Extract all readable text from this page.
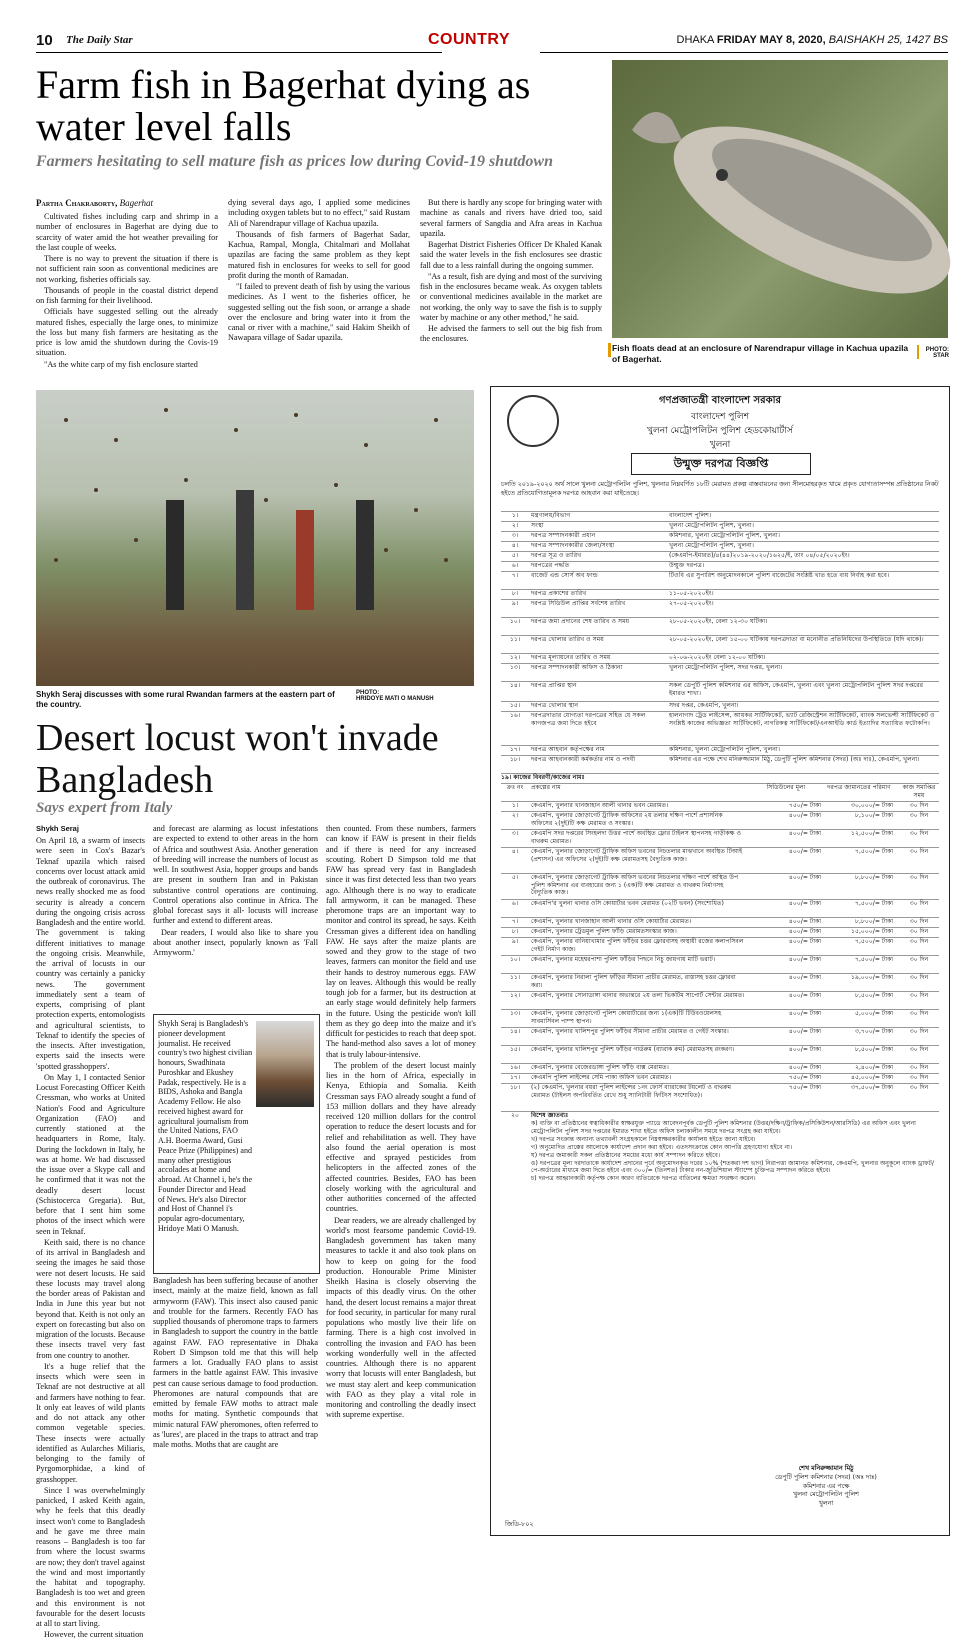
10 The Daily Star	COUNTRY	DHAKA FRIDAY MAY 8, 2020, BAISHAKH 25, 1427 BS
Farm fish in Bagerhat dying as water level falls
Farmers hesitating to sell mature fish as prices low during Covid-19 shutdown
Partha Chakraborty, Bagerhat

Cultivated fishes including carp and shrimp in a number of enclosures in Bagerhat are dying due to scarcity of water amid the hot weather prevailing for the last couple of weeks.

There is no way to prevent the situation if there is not sufficient rain soon as conventional medicines are not working, fisheries officials say.

Thousands of people in the coastal district depend on fish farming for their livelihood.

Officials have suggested selling out the already matured fishes, especially the large ones, to minimize the loss but many fish farmers are hesitating as the price is low amid the shutdown during the Covis-19 situation.

"As the white carp of my fish enclosure started

dying several days ago, I applied some medicines including oxygen tablets but to no effect," said Rustam Ali of Narendrapur village of Kachua upazila.

Thousands of fish farmers of Bagerhat Sadar, Kachua, Rampal, Mongla, Chitalmari and Mollahat upazilas are facing the same problem as they kept matured fish in enclosures for weeks to sell for good profit during the month of Ramadan.

"I failed to prevent death of fish by using the various medicines. As I went to the fisheries officer, he suggested selling out the fish soon, or arrange a shade over the enclosure and bring water into it from the canal or river with a machine," said Hakim Sheikh of Nawapara village of Sadar upazila.

But there is hardly any scope for bringing water with machine as canals and rivers have dried too, said several farmers of Sangdia and Afra areas in Kachua upazila.

Bagerhat District Fisheries Officer Dr Khaled Kanak said the water levels in the fish enclosures see drastic fall due to a less rainfall during the ongoing summer.

"As a result, fish are dying and most of the surviving fish in the enclosures became weak. As oxygen tablets or conventional medicines available in the market are not working, the only way to save the fish is to supply water by machine or any other method," he said.

He advised the farmers to sell out the big fish from the enclosures.

Fish floats dead at an enclosure of Narendrapur village in Kachua upazila of Bagerhat.
PHOTO:
STAR
Shykh Seraj discusses with some rural Rwandan farmers at the eastern part of the country.
PHOTO:
HRIDOYE MATI O MANUSH
Desert locust won't invade Bangladesh
Says expert from Italy
Shykh Seraj

On April 18, a swarm of insects were seen in Cox's Bazar's Teknaf upazila which raised concerns over locust attack amid the outbreak of coronavirus. The news really shocked me as food security is already a concern during the ongoing crisis across Bangladesh and the entire world. The government is taking different initiatives to manage the ongoing crisis. Meanwhile, the arrival of locusts in our country was certainly a panicky news. The government immediately sent a team of experts, comprising of plant protection experts, entomologists and agricultural scientists, to Teknaf to identify the species of the insects. After investigation, experts said the insects were 'spotted grasshoppers'.

On May 1, I contacted Senior Locust Forecasting Officer Keith Cressman, who works at United Nation's Food and Agriculture Organization (FAO) and currently stationed at the headquarters in Rome, Italy. During the lockdown in Italy, he was at home. We had discussed the issue over a Skype call and he confirmed that it was not the deadly desert locust (Schistocerca Gregaria). But, before that I sent him some photos of the insect which were seen in Teknaf.

Keith said, there is no chance of its arrival in Bangladesh and seeing the images he said those were not desert locusts. He said these locusts may travel along the border areas of Pakistan and India in June this year but not beyond that. Keith is not only an expert on forecasting but also on migration of the locusts. Because these insects travel very fast from one country to another.

It's a huge relief that the insects which were seen in Teknaf are not destructive at all and farmers have nothing to fear. It only eat leaves of wild plants and do not attack any other common vegetable species. These insects were actually identified as Aularches Miliaris, belonging to the family of Pyrgomorphidae, a kind of grasshopper.

Since I was overwhelmingly panicked, I asked Keith again, why he feels that this deadly insect won't come to Bangladesh and he gave me three main reasons – Bangladesh is too far from where the locust swarms are now; they don't travel against the wind and most importantly the habitat and topography. Bangladesh is too wet and green and this environment is not favourable for the desert locusts at all to start living.

However, the current situation

and forecast are alarming as locust infestations are expected to extend to other areas in the horn of Africa and southwest Asia. Another generation of breeding will increase the numbers of locust as well. In southwest Asia, hopper groups and bands are present in southern Iran and in Pakistan substantive control operations are continuing. Control operations also continue in Africa. The global forecast says it all- locusts will increase further and extend to different areas.

Dear readers, I would also like to share you about another insect, popularly known as 'Fall Armyworm.'

Shykh Seraj is Bangladesh's pioneer development journalist. He received country's two highest civilian honours, Swadhinata Puroshkar and Ekushey Padak, respectively. He is a BIDS, Ashoka and Bangla Academy Fellow. He also received highest award for agricultural journalism from the United Nations, FAO A.H. Boerma Award, Gusi Peace Prize (Philippines) and many other prestigious accolades at home and abroad. At Channel i, he's the Founder Director and Head of News. He's also Director and Host of Channel i's popular agro-documentary, Hridoye Mati O Manush.

Bangladesh has been suffering because of another insect, mainly at the maize field, known as fall armyworm (FAW). This insect also caused panic and trouble for the farmers. Recently FAO has supplied thousands of pheromone traps to farmers in Bangladesh to support the country in the battle against FAW. FAO representative in Dhaka Robert D Simpson told me that this will help farmers a lot. Gradually FAO plans to assist farmers in the battle against FAW. This invasive pest can cause serious damage to food production. Pheromones are natural compounds that are emitted by female FAW moths to attract male moths for mating. Synthetic compounds that mimic natural FAW pheromones, often referred to as 'lures', are placed in the traps to attract and trap male moths. Moths that are caught are

then counted. From these numbers, farmers can know if FAW is present in their fields and if there is need for any increased scouting. Robert D Simpson told me that FAW has spread very fast in Bangladesh since it was first detected less than two years ago. Although there is no way to eradicate fall armyworm, it can be managed. These pheromone traps are an important way to monitor and control its spread, he says. Keith Cressman gives a different idea on handling FAW. He says after the maize plants are sowed and they grow to the stage of two leaves, farmers can monitor the field and use their hands to destroy numerous eggs. FAW lay on leaves. Although this would be really tough job for a farmer, but its destruction at an early stage would definitely help farmers in the future. Using the pesticide won't kill them as they go deep into the maize and it's difficult for pesticides to reach that deep spot. The hand-method also saves a lot of money that is truly labour-intensive.

The problem of the desert locust mainly lies in the horn of Africa, especially in Kenya, Ethiopia and Somalia. Keith Cressman says FAO already sought a fund of 153 million dollars and they have already received 120 million dollars for the control operation to reduce the desert locusts and for relief and rehabilitation as well. They have also found the aerial operation is most effective and sprayed pesticides from helicopters in the affected zones of the affected countries. Besides, FAO has been closely working with the agricultural and other authorities concerned of the affected countries.

Dear readers, we are already challenged by world's most fearsome pandemic Covid-19. Bangladesh government has taken many measures to tackle it and also took plans on how to keep on going for the food production. Honourable Prime Minister Sheikh Hasina is closely observing the impacts of this deadly virus. On the other hand, the desert locust remains a major threat for food security, in particular for many rural populations who mostly live their life on farming. There is a high cost involved in controlling the invasion and FAO has been working wonderfully well in the affected countries. Although there is no apparent worry that locusts will enter Bangladesh, but we must stay alert and keep communication with FAO as they play a vital role in monitoring and controlling the deadly insect with supreme expertise.

গণপ্রজাতন্ত্রী বাংলাদেশ সরকার
বাংলাদেশ পুলিশ
খুলনা মেট্রোপলিটন পুলিশ হেডকোয়ার্টার্স
খুলনা
উন্মুক্ত দরপত্র বিজ্ঞপ্তি
চলতি ২০১৯-২০২০ অর্থ সালে খুলনা মেট্রোপলিটন পুলিশ, খুলনার নিম্নবর্ণিত ১৮টি মেরামত প্রকল্প বাস্তবায়নের জন্য সীলমোহরকৃত খামে প্রকৃত যোগ্যতাসম্পন্ন প্রতিষ্ঠানের নিকট হইতে প্রতিযোগিতামূলক দরপত্র আহবান করা যাইতেছে।
১।	মন্ত্রণালয়/বিভাগ	বাংলাদেশ পুলিশ।
২।	সংস্থা	খুলনা মেট্রোপলিটন পুলিশ, খুলনা।
৩।	দরপত্র সম্পাদনকারী প্রধান	কমিশনার, খুলনা মেট্রোপলিটন পুলিশ, খুলনা।
৪।	দরপত্র সম্পাদনকারীর জেলা/সংস্থা	খুলনা মেট্রোপলিটন পুলিশ, খুলনা।
৫।	দরপত্র সূত্র ও তারিখ	(কেএমপি-ইমারত)/৪(৪৪)২০১৯-২০২০/১৬২৫/ই, তাং ০৪/০৫/২০২০ইং।
৬।	দরপত্রের পদ্ধতি	উন্মুক্ত দরপত্র।
৭।	বাজেট এন্ড সোর্স অব ফান্ড	টিওবি এর সুপারিশ অনুমোদনকালে পুলিশ বাজেটের সংশ্লিষ্ট খাত হতে ব্যয় নির্বাহ করা হবে।
৮।	দরপত্র প্রকাশের তারিখ	১১-০৫-২০২০ইং।
৯।	দরপত্র সিডিউল প্রাপ্তির সর্বশেষ তারিখ	২৭-০৫-২০২০ইং।
১০।	দরপত্র জমা প্রদানের শেষ তারিখ ও সময়	২৮-০৫-২০২০ইং, বেলা ১২-৩০ ঘটিকা।
১১।	দরপত্র খোলার তারিখ ও সময়	২৮-০৫-২০২০ইং, বেলা ১৫-০০ ঘটিকায় দরপত্রদাতা বা মনোনীত প্রতিনিধিদের উপস্থিতিতে (যদি থাকে)।
১২।	দরপত্র মূল্যায়নের তারিখ ও সময়	০২-০৬-২০২০ইং বেলা ১২-০০ ঘটিকা।
১৩।	দরপত্র সম্পাদনকারী অফিস ও ঠিকানা	খুলনা মেট্রোপলিটন পুলিশ, সদর দপ্তর, খুলনা।
১৪।	দরপত্র প্রাপ্তির স্থান	সকল ডেপুটি পুলিশ কমিশনার এর অফিস, কেএমপি, খুলনা এবং খুলনা মেট্রোপলিটন পুলিশ সদর দপ্তরের ইমারত শাখা।
১৫।	দরপত্র খোলার স্থান	সদর দপ্তর, কেএমপি, খুলনা।
১৬।	দরপত্রদাতার যোগ্যতা দরপত্রের সহিত যে সকল কাগজপত্র জমা দিতে হইবে
হালনাগাদ ট্রেড লাইসেন্স, আয়কর সার্টিফিকেট, ভ্যাট রেজিস্ট্রেশন সার্টিফিকেট, ব্যাংক সলভেন্সী সার্টিফিকেট ও সংশ্লিষ্ট কাজের অভিজ্ঞতা সার্টিফিকেট, নাগরিকত্ব সার্টিফিকেট/এনআইডি কার্ড ইত্যাদির সত্যায়িত ফটোকপি।
১৭।	দরপত্র আহবান কর্তৃপক্ষের নাম	কমিশনার, খুলনা মেট্রোপলিটন পুলিশ, খুলনা।
১৮।	দরপত্র আহবানকারী কর্মকর্তার নাম ও পদবী	কমিশনার এর পক্ষে শেখ মনিরুজ্জামান মিঠু, ডেপুটি পুলিশ কমিশনার (সদর) (অঃ দাঃ), কেএমপি, খুলনা।
১৯। কাজের বিবরণী/কাজের নামঃ
ক্রঃ নং	প্রকল্পের নাম	সিডিউলের মূল্য	দরপত্র জামানতের পরিমাণ	কাজ সমাপ্তির সময়
১।	কেএমপি, খুলনার খানজাহান আলী থানার ভবন মেরামত।	৭৫০/= টাকা	৩০,০০০/= টাকা	৩০ দিন
২।	কেএমপি, খুলনার জোড়াগেট ট্রাফিক অফিসের ২য় তলার দক্ষিণ পার্শে প্রশাসনিক অফিসের ২(দুই)টি কক্ষ মেরামত ও সংস্কার।
৪০০/= টাকা	৮,১০০/= টাকা	৩০ দিন
৩।	কেএমপি সদর দপ্তরের সিংহলদা উত্তর পার্শে অবস্থিত ফ্লোর টাইলস স্থাপনসহ গাড়ীকক্ষ ও বাথরুম মেরামত।
৪০০/= টাকা	১২,৫০০/= টাকা	৩০ দিন
৪।	কেএমপি, খুলনার জোড়াগেট ট্রাফিক অফিস ভবনের নিচতলার মাঝখানে অবস্থিত টিআই (প্রশাসন) এর অফিসের ২(দুই)টি কক্ষ মেরামতসহ বৈদ্যুতিক কাজ।
৪০০/= টাকা	৭,৫০০/= টাকা	৩০ দিন
৫।	কেএমপি, খুলনার জোড়াগেট ট্রাফিক অফিস ভবনের নিচতলার দক্ষিণ পার্শে অস্থিত উপ পুলিশ কমিশনার এর ব্যবহারের জন্য ১ (এক)টি কক্ষ মেরামত ও বাথরুম নির্মাণসহ বৈদ্যুতিক কাজ।
৪০০/= টাকা	৮,৮০০/= টাকা	৩০ দিন
৬।	কেএমপি'র খুলনা থানার ওসি কোয়ার্টার ভবন মেরামত (০২টি ভবন) (সংশোধিত)	৪০০/= টাকা	৭,৫০০/= টাকা	৩০ দিন
৭।	কেএমপি, খুলনার খানজাহান আলী থানার ওসি কোয়ার্টার মেরামত।	৪০০/= টাকা	৮,৮০০/= টাকা	৩০ দিন
৮।	কেএমপি, খুলনার ট্রেডমুল পুলিশ ফাঁড়ি মেরামতসংস্কার কাজ।	৪০০/= টাকা	১৫,০০০/= টাকা	৩০ দিন
৯।	কেএমপি, খুলনার বানিয়াখামার পুলিশ ফাঁড়ির চত্তর ফ্লোরবাসহ অস্থায়ী রজের কলাপসিবল গেইট নির্মাণ কাজ।
৪০০/= টাকা	৭,৫০০/= টাকা	৩০ দিন
১০।	কেএমপি, খুলনার মহেশ্বরপাশা পুলিশ ফাঁড়ির পিছনে নিচু জায়গায় মাটি ভরাট।	৪০০/= টাকা	৭,৫০০/= টাকা	৩০ দিন
১১।	কেএমপি, খুলনার নিরালা পুলিশ ফাঁড়ির সীমানা প্রাচীর মেরামত, রাস্তাসহ চত্তর ফ্লোরবা করা।
৪০০/= টাকা	১৯,০০০/= টাকা	৩০ দিন
১২।	কেএমপি, খুলনার সোনাডাঙ্গা থানার অভ্যন্তরে ২য় তলা ভিকটিম সাপোর্ট সেন্টার মেরামত।	৪০০/= টাকা	৮,৫০০/= টাকা	৩০ দিন
১৩।	কেএমপি, খুলনার জোড়াগেট পুলিশ কোয়ার্টারের জন্য ১(এক)টি টিউবওয়েলসহ সাবমার্সিবল পাম্প স্থাপন।
৪০০/= টাকা	৫,০০০/= টাকা	৩০ দিন
১৪।	কেএমপি, খুলনার খালিশপুর পুলিশ ফাঁড়ির সীমানা প্রাচীর মেরামত ও গেইট সংস্কার।	৪০০/= টাকা	৩,৭০০/= টাকা	৩০ দিন
১৫।	কেএমপি, খুলনার খালিশপুর পুলিশ ফাঁড়ির গার্ডরুম (ব্যারাক রুম) মেরামতসহ রংকরণ।	৪০০/= টাকা	৮,৫০০/= টাকা	৩০ দিন
১৬।	কেএমপি, খুলনার বেজেরডাঙ্গা পুলিশ ফাঁড়ি বাক্স মেরামত।	৪০০/= টাকা	২,৪০০/= টাকা	৩০ দিন
১৭।	কেএমপি পুলিশ লাইন্সের সেমি পাকা অফিস ভবন মেরামত।	৭৫০/= টাকা	৪৫,০০০/= টাকা	৩০ দিন
১৮।	(২) কেএমপি, খুলনার বয়রা পুলিশ লাইন্সের ১নং ফোর্স ব্যারাকের টয়লেট ও বাথরুম মেরামত (টাইলস অপরিবর্তিত রেখে শুধু স্যানিটারী ফিটিংস সংশোধিত)।
৭৫০/= টাকা	৩৭,৫০০/= টাকা	৩০ দিন
২০	বিশেষ জ্ঞাতব্যঃ
ক) ব্যক্তি বা প্রতিষ্ঠানের স্বত্বাধিকারীর স্বাক্ষরযুক্ত প্যাডে আবেদনপূর্বক ডেপুটি পুলিশ কমিশনার (উত্তর/দক্ষিণ/ট্রাফিক/প্রসিকিউশন/আরসিডি) এর অফিস এবং খুলনা মেট্রোপলিটন পুলিশ সদর দপ্তরের ইমারত শাখা হইতে অফিস চলাকালীন সময়ে দরপত্র সংগ্রহ করা যাইবে।
খ) দরপত্র সংক্রান্ত অন্যান্য তথ্যাবলী সংগ্রহকালে নিম্নস্বাক্ষরকারীর কার্যালয় হইতে জানা যাইবে।
গ) অনুমোদিত প্রাক্কের আলোকে কার্যাদেশ প্রদান করা হইবে। এতদসংক্রান্তে কোন আপত্তি গ্রহণযোগ্য হইবে না।
ঘ) দরপত্র জমাকারী সকল প্রতিষ্ঠানের সময়ের মধ্যে কার্য সম্পাদন করিতে হইবে।
ঙ) দরপত্রের মূল্য দরদাতাকে কার্যাদেশ প্রদানের পূর্বে অনুমোদনকৃত দরের ১০% (শতকরা দশ ভাগ) নিরাপত্তা জামানত কমিশনার, কেএমপি, খুলনার অনুকূলে ব্যাংক ড্রাফট/পে-অর্ডারের মাধ্যমে জমা দিতে হইবে এবং ৩০০/= (তিনশত) টাকার নন-জুডিশিয়াল স্ট্যাম্পে চুক্তিপত্র সম্পাদন করিতে হইবে।
চ) দরপত্র আহ্বানকারী কর্তৃপক্ষ কোন কারণ ব্যতিরেকে দরপত্র বাতিলের ক্ষমতা সংরক্ষণ করেন।
শেখ মনিরুজ্জামান মিঠু
ডেপুটি পুলিশ কমিশনার (সদর) (অঃ দাঃ)
কমিশনার এর পক্ষে
খুলনা মেট্রোপলিটন পুলিশ
খুলনা
জিডি-৮০২
